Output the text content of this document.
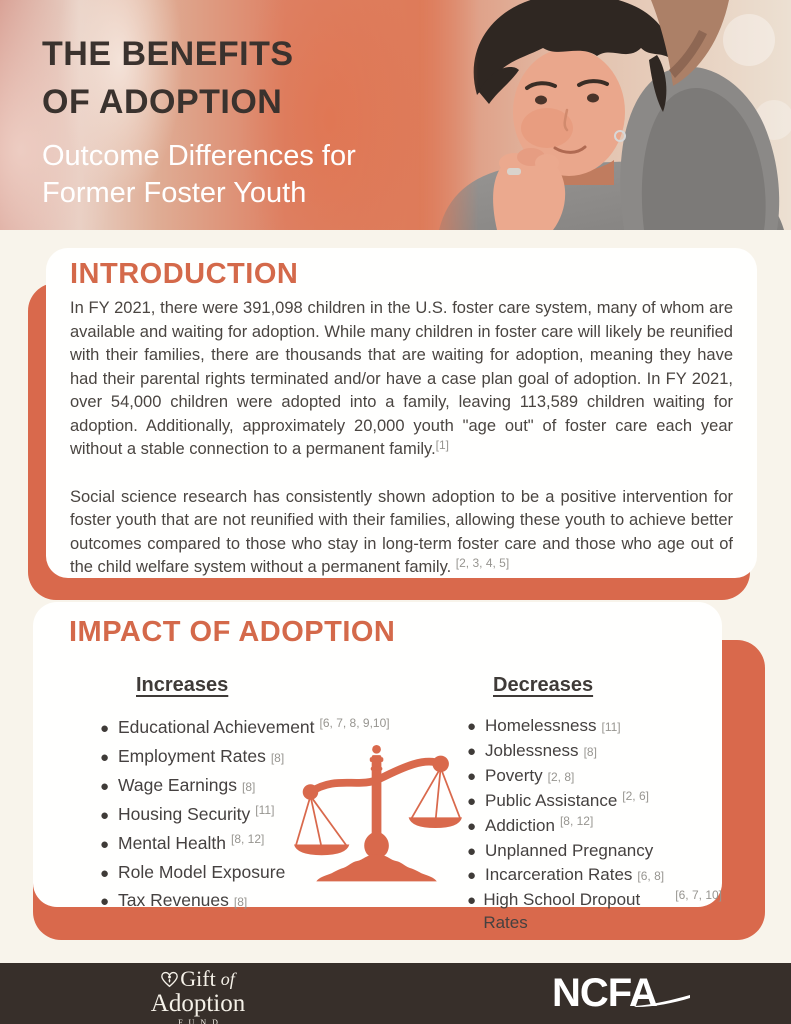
THE BENEFITS
OF ADOPTION
Outcome Differences for
Former Foster Youth
INTRODUCTION

In FY 2021, there were 391,098 children in the U.S. foster care system, many of whom are available and waiting for adoption. While many children in foster care will likely be reunified with their families, there are thousands that are waiting for adoption, meaning they have had their parental rights terminated and/or have a case plan goal of adoption. In FY 2021, over 54,000 children were adopted into a family, leaving 113,589 children waiting for adoption. Additionally, approximately 20,000 youth "age out" of foster care each year without a stable connection to a permanent family.[1]

Social science research has consistently shown adoption to be a positive intervention for foster youth that are not reunified with their families, allowing these youth to achieve better outcomes compared to those who stay in long-term foster care and those who age out of the child welfare system without a permanent family. [2, 3, 4, 5]

IMPACT OF ADOPTION
Increases	Decreases
● Educational Achievement [6, 7, 8, 9,10]
● Employment Rates [8]
● Wage Earnings [8]
● Housing Security [11]
● Mental Health [8, 12]
● Role Model Exposure
● Tax Revenues [8]
● Homelessness [11]
● Joblessness [8]
● Poverty [2, 8]
● Public Assistance [2, 6]
● Addiction [8, 12]
● Unplanned Pregnancy
● Incarceration Rates [6, 8]
● High School Dropout Rates
[6, 7, 10]
Gift of
Adoption
FUND
NCFA
